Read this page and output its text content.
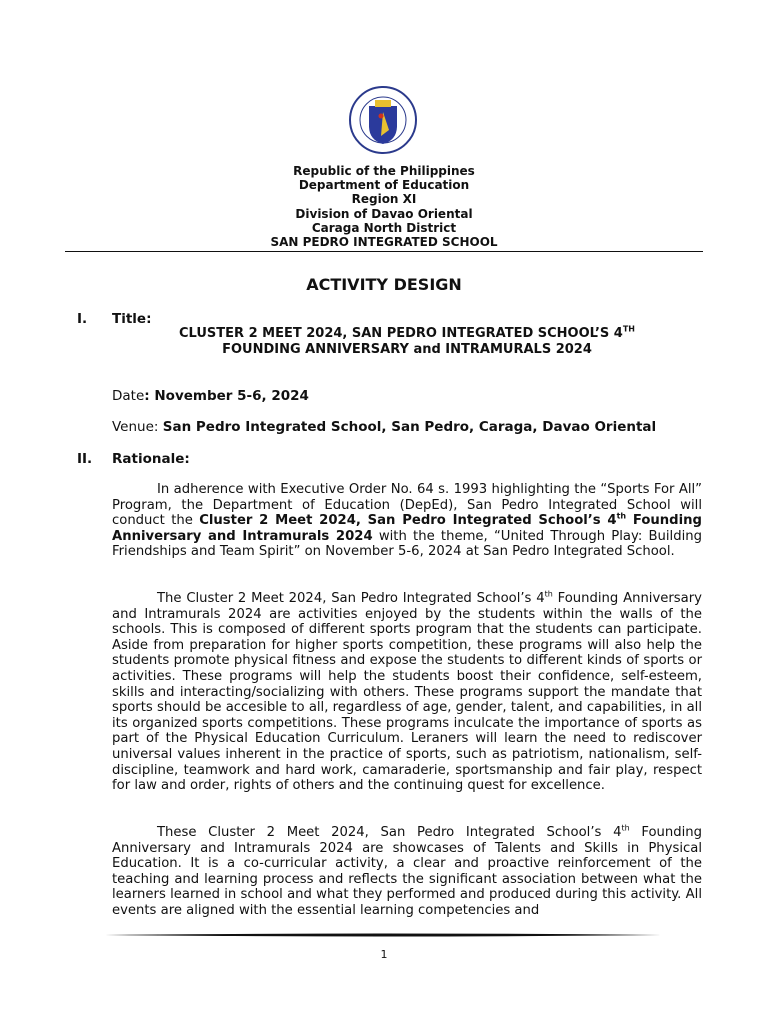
Republic of the Philippines
Department of Education
Region XI
Division of Davao Oriental
Caraga North District
SAN PEDRO INTEGRATED SCHOOL
ACTIVITY DESIGN
I. Title:
CLUSTER 2 MEET 2024, SAN PEDRO INTEGRATED SCHOOL’S 4TH
FOUNDING ANNIVERSARY and INTRAMURALS 2024
Date: November 5-6, 2024
Venue: San Pedro Integrated School, San Pedro, Caraga, Davao Oriental
II. Rationale:

In adherence with Executive Order No. 64 s. 1993 highlighting the “Sports For All” Program, the Department of Education (DepEd), San Pedro Integrated School will conduct the Cluster 2 Meet 2024, San Pedro Integrated School’s 4th Founding Anniversary and Intramurals 2024 with the theme, “United Through Play: Building Friendships and Team Spirit” on November 5-6, 2024 at San Pedro Integrated School.

The Cluster 2 Meet 2024, San Pedro Integrated School’s 4th Founding Anniversary and Intramurals 2024 are activities enjoyed by the students within the walls of the schools. This is composed of different sports program that the students can participate. Aside from preparation for higher sports competition, these programs will also help the students promote physical fitness and expose the students to different kinds of sports or activities. These programs will help the students boost their confidence, self-esteem, skills and interacting/socializing with others. These programs support the mandate that sports should be accesible to all, regardless of age, gender, talent, and capabilities, in all its organized sports competitions. These programs inculcate the importance of sports as part of the Physical Education Curriculum. Leraners will learn the need to rediscover universal values inherent in the practice of sports, such as patriotism, nationalism, self-discipline, teamwork and hard work, camaraderie, sportsmanship and fair play, respect for law and order, rights of others and the continuing quest for excellence.

These Cluster 2 Meet 2024, San Pedro Integrated School’s 4th Founding Anniversary and Intramurals 2024 are showcases of Talents and Skills in Physical Education. It is a co-curricular activity, a clear and proactive reinforcement of the teaching and learning process and reflects the significant association between what the learners learned in school and what they performed and produced during this activity. All events are aligned with the essential learning competencies and

1
